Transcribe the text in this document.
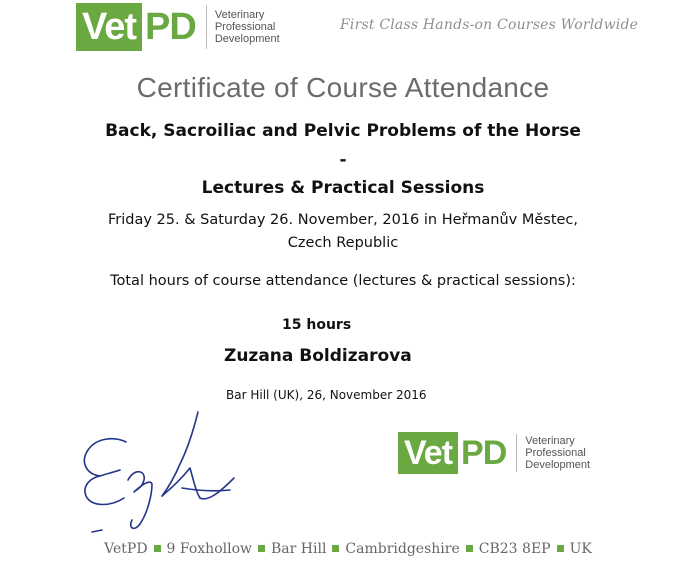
Vet PD	Veterinary
Professional
Development
First Class Hands-on Courses Worldwide
Certificate of Course Attendance
Back, Sacroiliac and Pelvic Problems of the Horse
-
Lectures & Practical Sessions
Friday 25. & Saturday 26. November, 2016 in Heřmanův Městec,
Czech Republic
Total hours of course attendance (lectures & practical sessions):
15 hours
Zuzana Boldizarova
Bar Hill (UK), 26, November 2016
Vet PD	Veterinary
Professional
Development
VetPD 9 Foxhollow Bar Hill Cambridgeshire CB23 8EP UK
